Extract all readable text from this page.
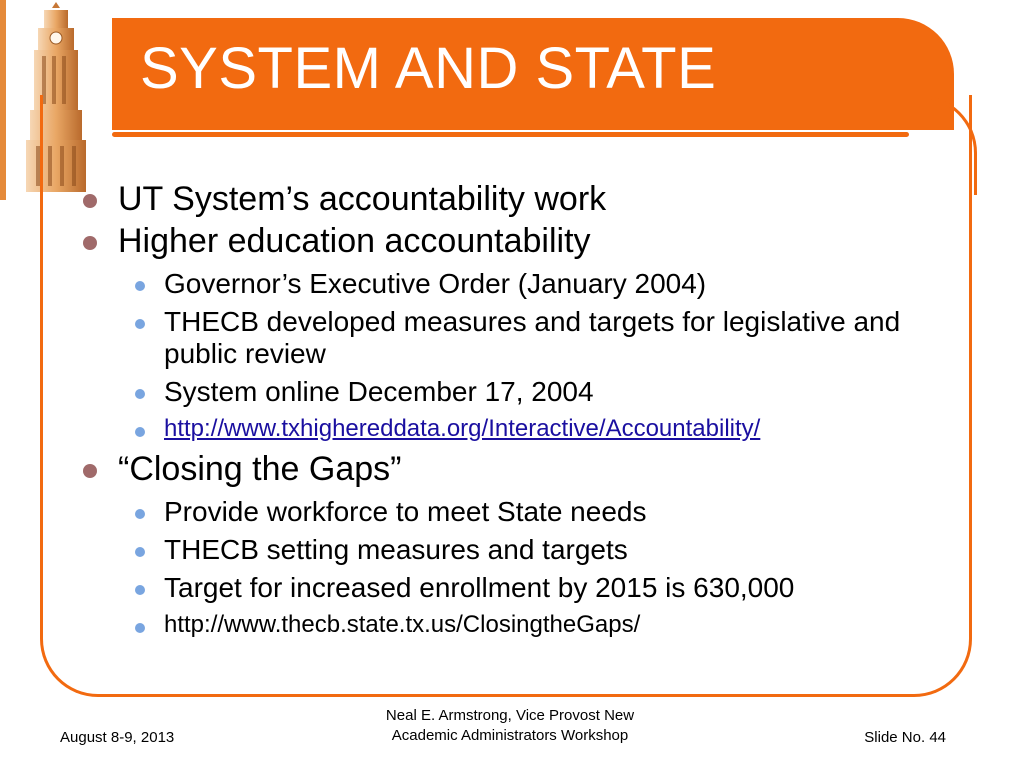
SYSTEM AND STATE
UT System’s accountability work
Higher education accountability
Governor’s Executive Order (January 2004)
THECB developed measures and targets for legislative and public review
System online December 17, 2004
http://www.txhighereddata.org/Interactive/Accountability/
“Closing the Gaps”
Provide workforce to meet State needs
THECB setting measures and targets
Target for increased enrollment by 2015 is 630,000
http://www.thecb.state.tx.us/ClosingtheGaps/
August 8-9, 2013
Neal E. Armstrong, Vice Provost New Academic Administrators Workshop	Slide No. 44
